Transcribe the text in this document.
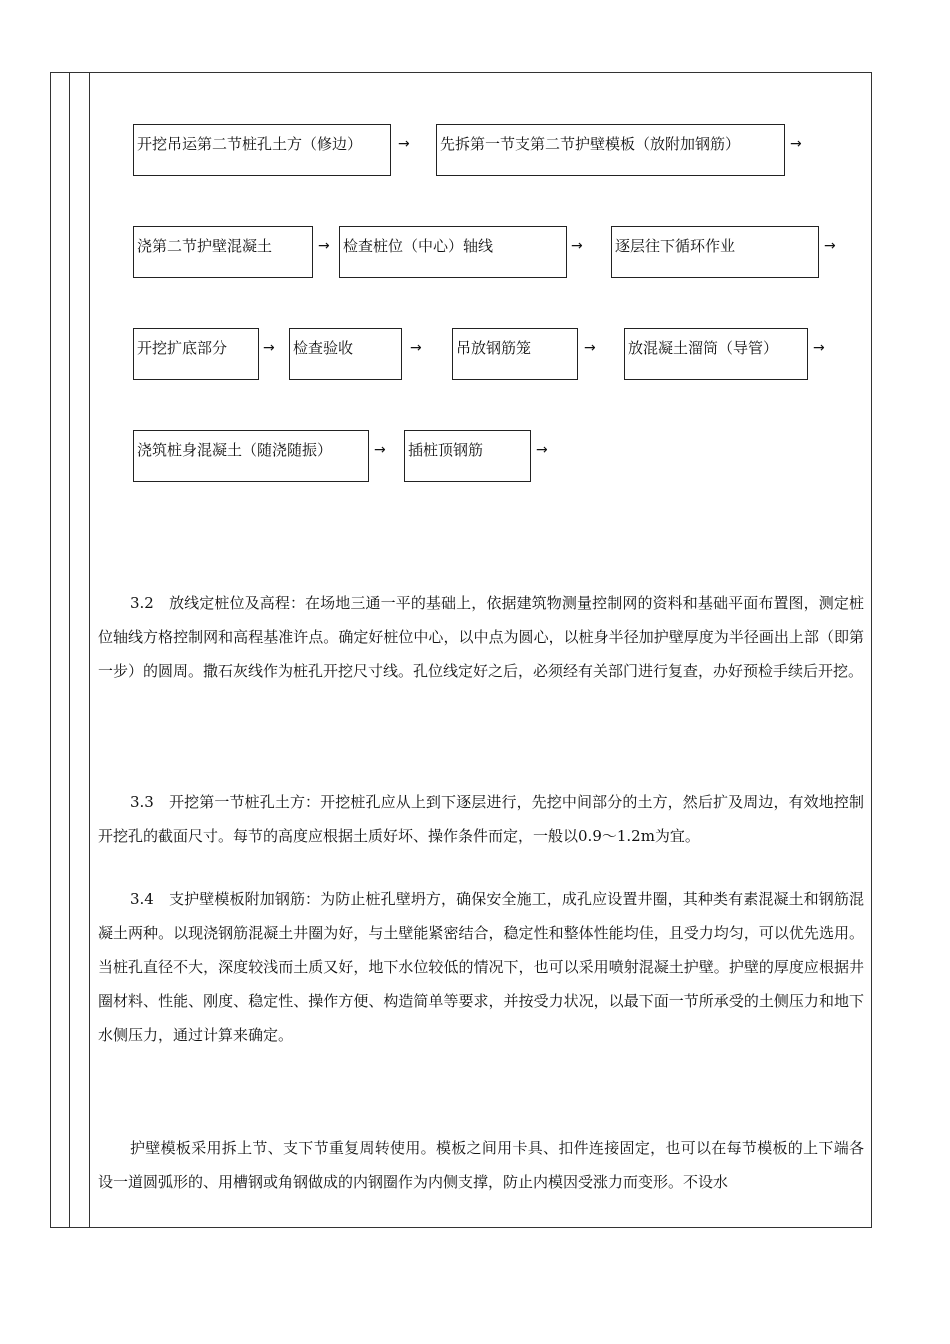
开挖吊运第二节桩孔土方（修边）	→ 先拆第一节支第二节护壁模板（放附加钢筋）	→
浇第二节护壁混凝土	→ 检查桩位（中心）轴线	→ 逐层往下循环作业	→
开挖扩底部分	→ 检查验收	→ 吊放钢筋笼	→ 放混凝土溜筒（导管）	→
浇筑桩身混凝土（随浇随振）	→ 插桩顶钢筋	→

3.2　放线定桩位及高程：在场地三通一平的基础上，依据建筑物测量控制网的资料和基础平面布置图，测定桩位轴线方格控制网和高程基准许点。确定好桩位中心，以中点为圆心，以桩身半径加护壁厚度为半径画出上部（即第一步）的圆周。撒石灰线作为桩孔开挖尺寸线。孔位线定好之后，必须经有关部门进行复查，办好预检手续后开挖。

3.3　开挖第一节桩孔土方：开挖桩孔应从上到下逐层进行，先挖中间部分的土方，然后扩及周边，有效地控制开挖孔的截面尺寸。每节的高度应根据土质好坏、操作条件而定，一般以0.9～1.2m为宜。

3.4　支护壁模板附加钢筋：为防止桩孔壁坍方，确保安全施工，成孔应设置井圈，其种类有素混凝土和钢筋混凝土两种。以现浇钢筋混凝土井圈为好，与土壁能紧密结合，稳定性和整体性能均佳，且受力均匀，可以优先选用。当桩孔直径不大，深度较浅而土质又好，地下水位较低的情况下，也可以采用喷射混凝土护壁。护壁的厚度应根据井圈材料、性能、刚度、稳定性、操作方便、构造简单等要求，并按受力状况，以最下面一节所承受的土侧压力和地下水侧压力，通过计算来确定。

护壁模板采用拆上节、支下节重复周转使用。模板之间用卡具、扣件连接固定，也可以在每节模板的上下端各设一道圆弧形的、用槽钢或角钢做成的内钢圈作为内侧支撑，防止内模因受涨力而变形。不设水
